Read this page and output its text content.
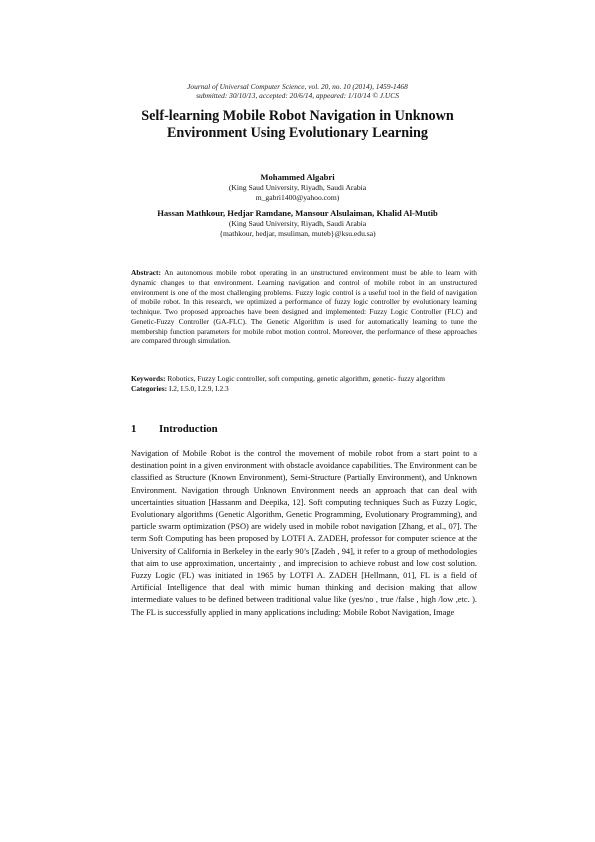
Journal of Universal Computer Science, vol. 20, no. 10 (2014), 1459-1468
submitted: 30/10/13, accepted: 20/6/14, appeared: 1/10/14 © J.UCS
Self-learning Mobile Robot Navigation in Unknown
Environment Using Evolutionary Learning
Mohammed Algabri
(King Saud University, Riyadh, Saudi Arabia
m_gabri1400@yahoo.com)
Hassan Mathkour, Hedjar Ramdane, Mansour Alsulaiman, Khalid Al-Mutib
(King Saud University, Riyadh, Saudi Arabia
{mathkour, hedjar, msuliman, muteb}@ksu.edu.sa)
Abstract: An autonomous mobile robot operating in an unstructured environment must be able to learn with dynamic changes to that environment. Learning navigation and control of mobile robot in an unstructured environment is one of the most challenging problems. Fuzzy logic control is a useful tool in the field of navigation of mobile robot. In this research, we optimized a performance of fuzzy logic controller by evolutionary learning technique. Two proposed approaches have been designed and implemented: Fuzzy Logic Controller (FLC) and Genetic-Fuzzy Controller (GA-FLC). The Genetic Algorithm is used for automatically learning to tune the membership function parameters for mobile robot motion control. Moreover, the performance of these approaches are compared through simulation.
Keywords: Robotics, Fuzzy Logic controller, soft computing, genetic algorithm, genetic- fuzzy algorithm
Categories: I.2, I.5.0, I.2.9, I.2.3
1 Introduction
Navigation of Mobile Robot is the control the movement of mobile robot from a start point to a destination point in a given environment with obstacle avoidance capabilities. The Environment can be classified as Structure (Known Environment), Semi-Structure (Partially Environment), and Unknown Environment. Navigation through Unknown Environment needs an approach that can deal with uncertainties situation [Hassanm and Deepika, 12]. Soft computing techniques Such as Fuzzy Logic, Evolutionary algorithms (Genetic Algorithm, Genetic Programming, Evolutionary Programming), and particle swarm optimization (PSO) are widely used in mobile robot navigation [Zhang, et al., 07]. The term Soft Computing has been proposed by LOTFI A. ZADEH, professor for computer science at the University of California in Berkeley in the early 90’s [Zadeh , 94], it refer to a group of methodologies that aim to use approximation, uncertainty , and imprecision to achieve robust and low cost solution. Fuzzy Logic (FL) was initiated in 1965 by LOTFI A. ZADEH [Hellmann, 01], FL is a field of Artificial Intelligence that deal with mimic human thinking and decision making that allow intermediate values to be defined between traditional value like (yes/no , true /false , high /low ,etc. ). The FL is successfully applied in many applications including: Mobile Robot Navigation, Image
